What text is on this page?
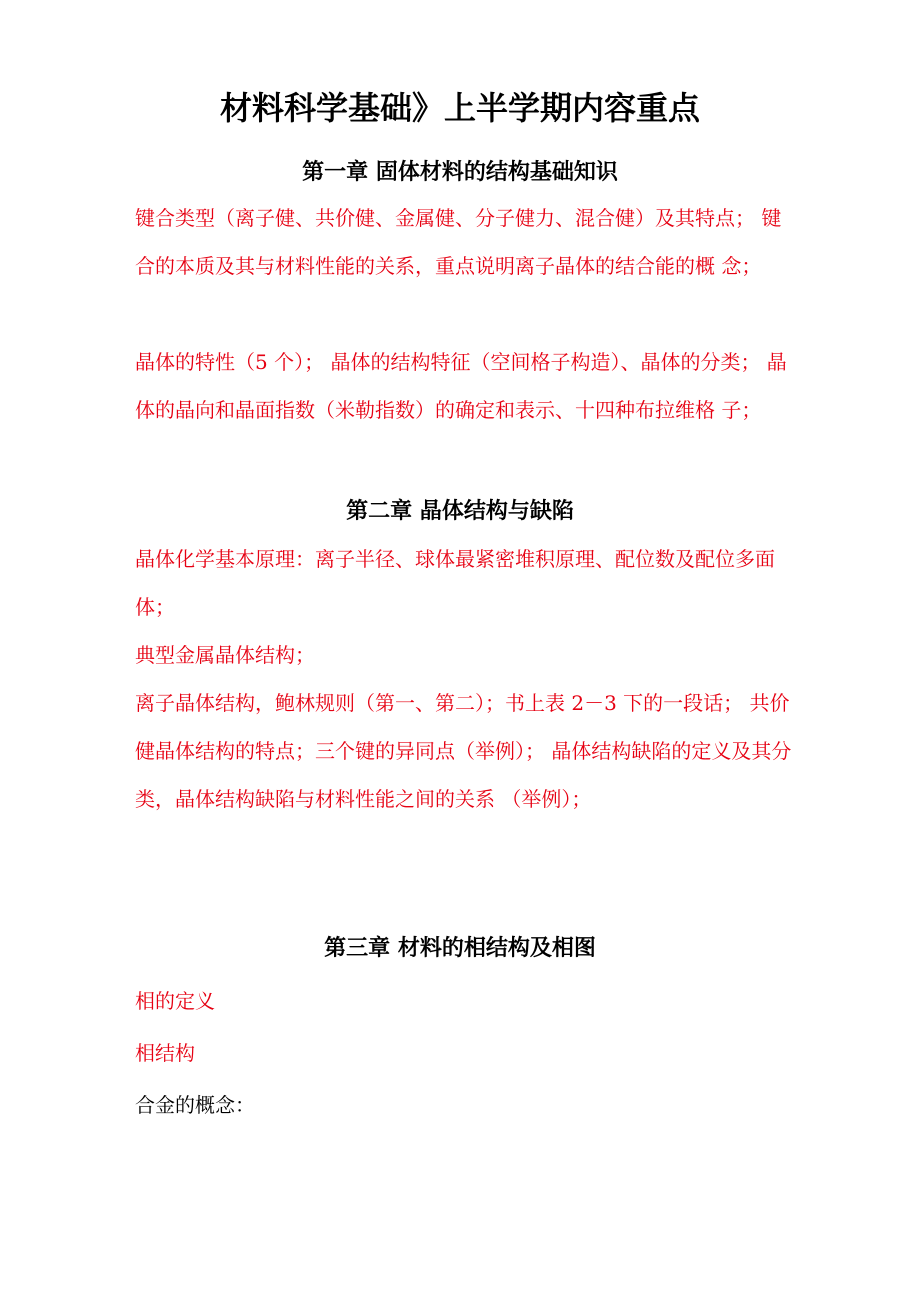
材料科学基础》上半学期内容重点
第一章 固体材料的结构基础知识

键合类型（离子健、共价健、金属健、分子健力、混合健）及其特点； 键合的本质及其与材料性能的关系，重点说明离子晶体的结合能的概 念；

晶体的特性（5 个）； 晶体的结构特征（空间格子构造）、晶体的分类； 晶体的晶向和晶面指数（米勒指数）的确定和表示、十四种布拉维格 子；

第二章 晶体结构与缺陷

晶体化学基本原理：离子半径、球体最紧密堆积原理、配位数及配位多面体；

典型金属晶体结构；

离子晶体结构，鲍林规则（第一、第二）；书上表 2－3 下的一段话； 共价健晶体结构的特点；三个键的异同点（举例）； 晶体结构缺陷的定义及其分类，晶体结构缺陷与材料性能之间的关系 （举例）；

第三章 材料的相结构及相图

相的定义

相结构

合金的概念：
